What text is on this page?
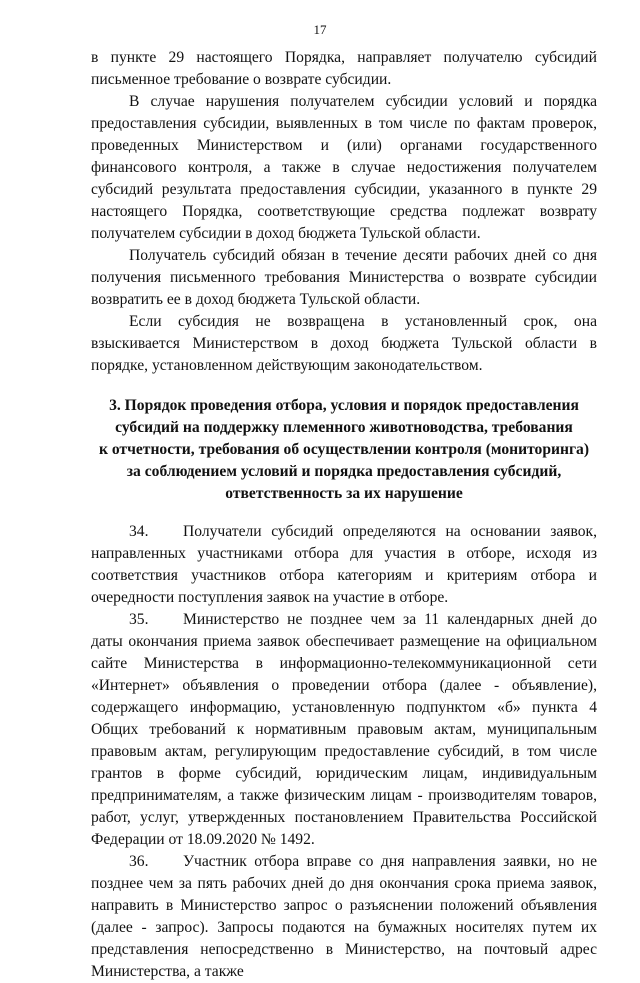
17

в пункте 29 настоящего Порядка, направляет получателю субсидий письменное требование о возврате субсидии.

В случае нарушения получателем субсидии условий и порядка предоставления субсидии, выявленных в том числе по фактам проверок, проведенных Министерством и (или) органами государственного финансового контроля, а также в случае недостижения получателем субсидий результата предоставления субсидии, указанного в пункте 29 настоящего Порядка, соответствующие средства подлежат возврату получателем субсидии в доход бюджета Тульской области.

Получатель субсидий обязан в течение десяти рабочих дней со дня получения письменного требования Министерства о возврате субсидии возвратить ее в доход бюджета Тульской области.

Если субсидия не возвращена в установленный срок, она взыскивается Министерством в доход бюджета Тульской области в порядке, установленном действующим законодательством.

3. Порядок проведения отбора, условия и порядок предоставления
субсидий на поддержку племенного животноводства, требования
к отчетности, требования об осуществлении контроля (мониторинга)
за соблюдением условий и порядка предоставления субсидий,
ответственность за их нарушение

34. Получатели субсидий определяются на основании заявок, направленных участниками отбора для участия в отборе, исходя из соответствия участников отбора категориям и критериям отбора и очередности поступления заявок на участие в отборе.

35. Министерство не позднее чем за 11 календарных дней до даты окончания приема заявок обеспечивает размещение на официальном сайте Министерства в информационно-телекоммуникационной сети «Интернет» объявления о проведении отбора (далее - объявление), содержащего информацию, установленную подпунктом «б» пункта 4 Общих требований к нормативным правовым актам, муниципальным правовым актам, регулирующим предоставление субсидий, в том числе грантов в форме субсидий, юридическим лицам, индивидуальным предпринимателям, а также физическим лицам - производителям товаров, работ, услуг, утвержденных постановлением Правительства Российской Федерации от 18.09.2020 № 1492.

36. Участник отбора вправе со дня направления заявки, но не позднее чем за пять рабочих дней до дня окончания срока приема заявок, направить в Министерство запрос о разъяснении положений объявления (далее - запрос). Запросы подаются на бумажных носителях путем их представления непосредственно в Министерство, на почтовый адрес Министерства, а также
